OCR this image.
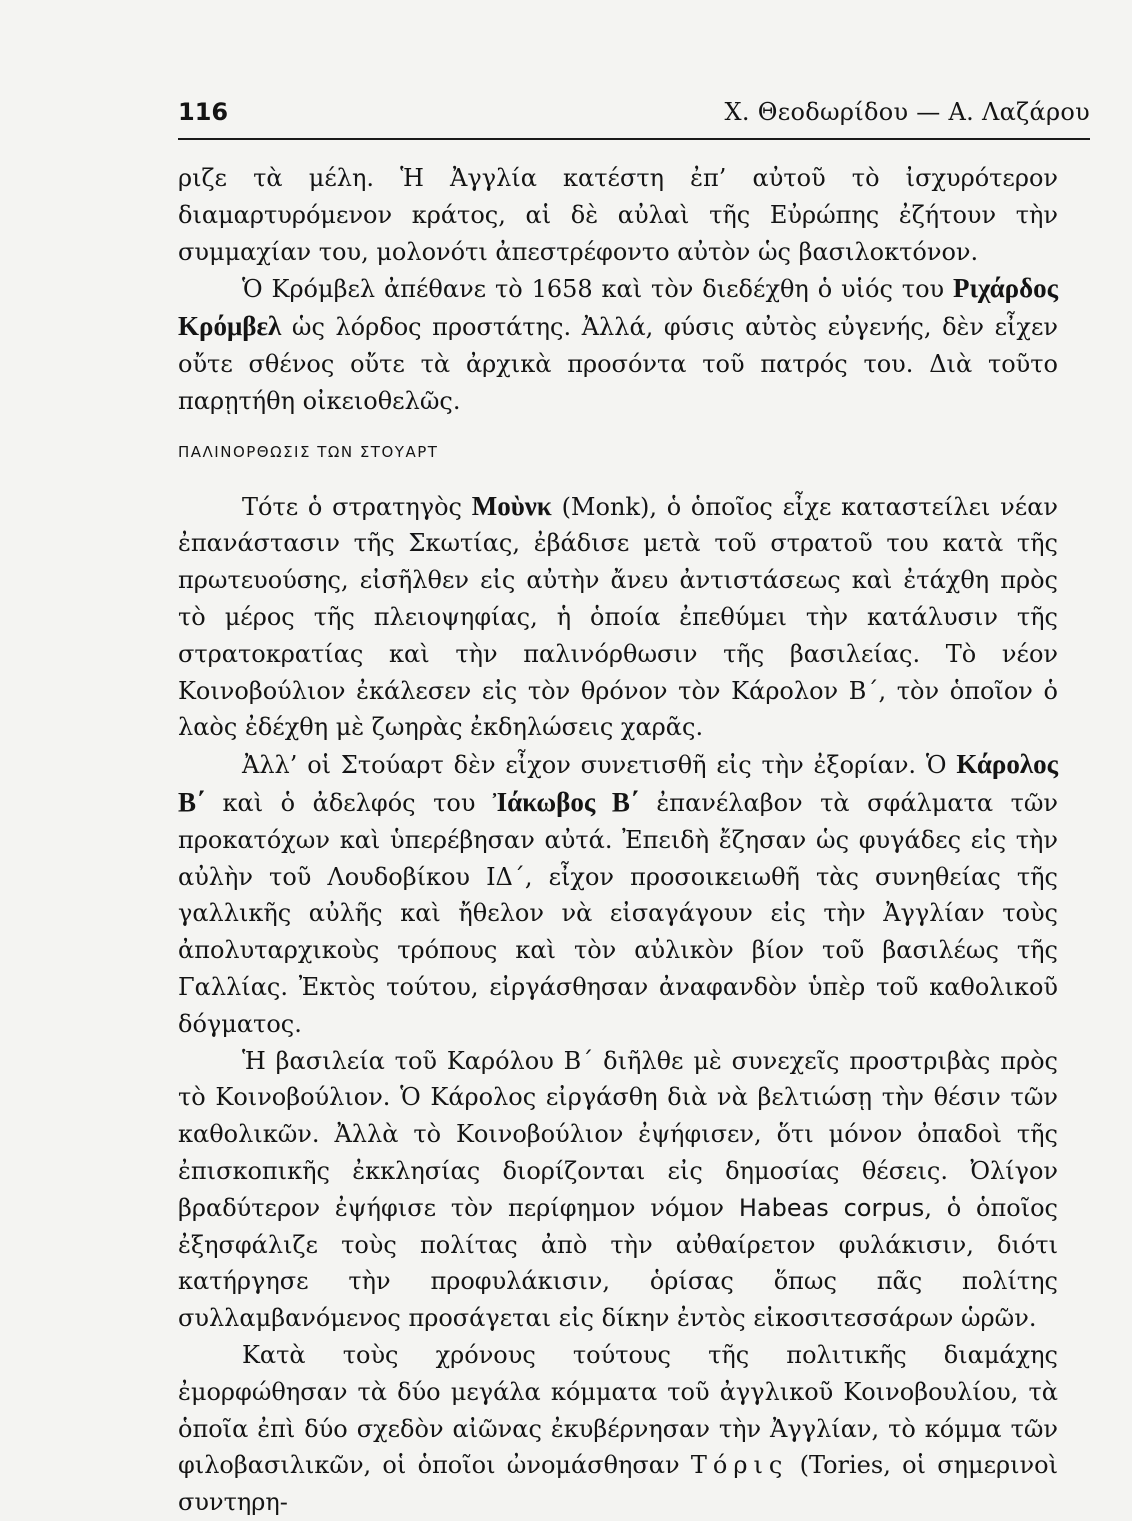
116	Χ. Θεοδωρίδου — Α. Λαζάρου

ριζε τὰ μέλη. Ἡ Ἀγγλία κατέστη ἐπ’ αὐτοῦ τὸ ἰσχυρότερον διαμαρτυρόμενον κράτος, αἱ δὲ αὐλαὶ τῆς Εὐρώπης ἐζήτουν τὴν συμμαχίαν του, μολονότι ἀπεστρέφοντο αὐτὸν ὡς βασιλοκτόνον.

Ὁ Κρόμβελ ἀπέθανε τὸ 1658 καὶ τὸν διεδέχθη ὁ υἱός του Ριχάρδος Κρόμβελ ὡς λόρδος προστάτης. Ἀλλά, φύσις αὐτὸς εὐγενής, δὲν εἶχεν οὔτε σθένος οὔτε τὰ ἀρχικὰ προσόντα τοῦ πατρός του. Διὰ τοῦτο παρῃτήθη οἰκειοθελῶς.

ΠΑΛΙΝΟΡΘΩΣΙΣ ΤΩΝ ΣΤΟΥΑΡΤ

Τότε ὁ στρατηγὸς Μοὺνκ (Monk), ὁ ὁποῖος εἶχε καταστείλει νέαν ἐπανάστασιν τῆς Σκωτίας, ἐβάδισε μετὰ τοῦ στρατοῦ του κατὰ τῆς πρωτευούσης, εἰσῆλθεν εἰς αὐτὴν ἄνευ ἀντιστάσεως καὶ ἐτάχθη πρὸς τὸ μέρος τῆς πλειοψηφίας, ἡ ὁποία ἐπεθύμει τὴν κατάλυσιν τῆς στρατοκρατίας καὶ τὴν παλινόρθωσιν τῆς βασιλείας. Τὸ νέον Κοινοβούλιον ἐκάλεσεν εἰς τὸν θρόνον τὸν Κάρολον Β΄, τὸν ὁποῖον ὁ λαὸς ἐδέχθη μὲ ζωηρὰς ἐκδηλώσεις χαρᾶς.

Ἀλλ’ οἱ Στούαρτ δὲν εἶχον συνετισθῆ εἰς τὴν ἐξορίαν. Ὁ Κάρολος Β΄ καὶ ὁ ἀδελφός του Ἰάκωβος Β΄ ἐπανέλαβον τὰ σφάλματα τῶν προκατόχων καὶ ὑπερέβησαν αὐτά. Ἐπειδὴ ἔζησαν ὡς φυγάδες εἰς τὴν αὐλὴν τοῦ Λουδοβίκου ΙΔ΄, εἶχον προσοικειωθῆ τὰς συνηθείας τῆς γαλλικῆς αὐλῆς καὶ ἤθελον νὰ εἰσαγάγουν εἰς τὴν Ἀγγλίαν τοὺς ἀπολυταρχικοὺς τρόπους καὶ τὸν αὐλικὸν βίον τοῦ βασιλέως τῆς Γαλλίας. Ἐκτὸς τούτου, εἰργάσθησαν ἀναφανδὸν ὑπὲρ τοῦ καθολικοῦ δόγματος.

Ἡ βασιλεία τοῦ Καρόλου Β΄ διῆλθε μὲ συνεχεῖς προστριβὰς πρὸς τὸ Κοινοβούλιον. Ὁ Κάρολος εἰργάσθη διὰ νὰ βελτιώσῃ τὴν θέσιν τῶν καθολικῶν. Ἀλλὰ τὸ Κοινοβούλιον ἐψήφισεν, ὅτι μόνον ὀπαδοὶ τῆς ἐπισκοπικῆς ἐκκλησίας διορίζονται εἰς δημοσίας θέσεις. Ὀλίγον βραδύτερον ἐψήφισε τὸν περίφημον νόμον Habeas corpus, ὁ ὁποῖος ἐξησφάλιζε τοὺς πολίτας ἀπὸ τὴν αὐθαίρετον φυλάκισιν, διότι κατήργησε τὴν προφυλάκισιν, ὁρίσας ὅπως πᾶς πολίτης συλλαμβανόμενος προσάγεται εἰς δίκην ἐντὸς εἰκοσιτεσσάρων ὡρῶν.

Κατὰ τοὺς χρόνους τούτους τῆς πολιτικῆς διαμάχης ἐμορφώθησαν τὰ δύο μεγάλα κόμματα τοῦ ἀγγλικοῦ Κοινοβουλίου, τὰ ὁποῖα ἐπὶ δύο σχεδὸν αἰῶνας ἐκυβέρνησαν τὴν Ἀγγλίαν, τὸ κόμμα τῶν φιλοβασιλικῶν, οἱ ὁποῖοι ὠνομάσθησαν Τόρις (Tories, οἱ σημερινοὶ συντηρη-
